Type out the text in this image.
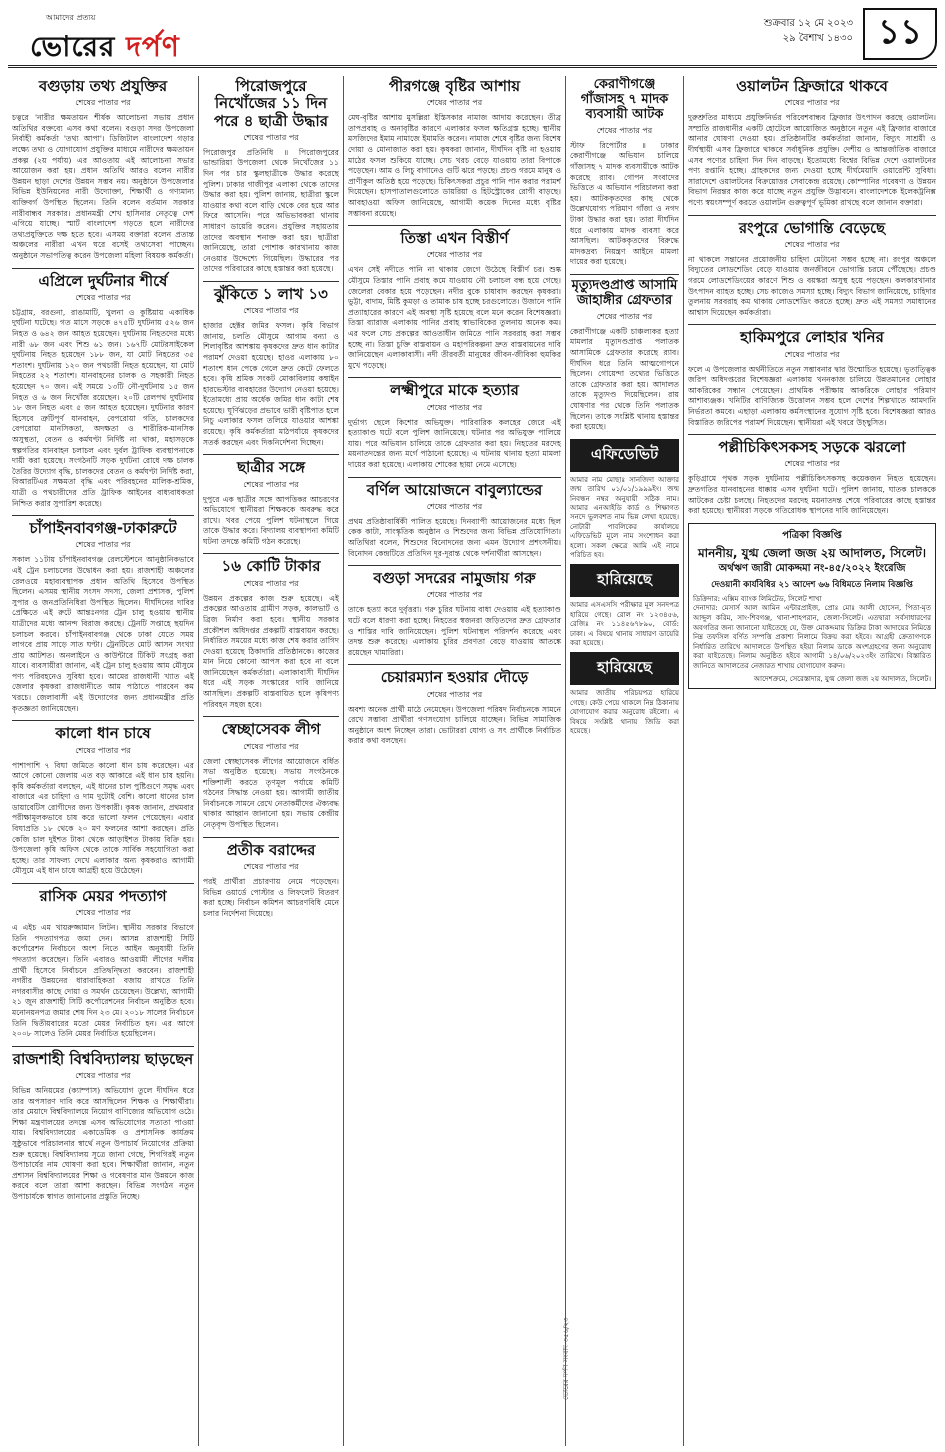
আমাদের প্রত্যয়
ভোরের দর্পণ
শুক্রবার ১২ মে ২০২৩
২৯ বৈশাখ ১৪৩০ ১১
বগুড়ায় তথ্য প্রযুক্তির
শেষের পাতার পর
চত্বরে 'নারীর ক্ষমতায়ন শীর্ষক আলোচনা সভায় প্রধান অতিথির বক্তব্যে এসব কথা বলেন। বগুড়া সদর উপজেলা নির্বাহী কর্মকর্তা 'তথ্য আপা'। ডিজিটাল বাংলাদেশ গড়ার লক্ষ্যে তথ্য ও যোগাযোগ প্রযুক্তির মাধ্যমে নারীদের ক্ষমতায়ন প্রকল্প (২য় পর্যায়) এর আওতায় এই আলোচনা সভার আয়োজন করা হয়। প্রধান অতিথি আরও বলেন নারীর উন্নয়ন ছাড়া দেশের উন্নয়ন সম্ভব নয়। অনুষ্ঠানে উপজেলার বিভিন্ন ইউনিয়নের নারী উদ্যোক্তা, শিক্ষার্থী ও গণ্যমান্য ব্যক্তিবর্গ উপস্থিত ছিলেন। তিনি বলেন বর্তমান সরকার নারীবান্ধব সরকার। প্রধানমন্ত্রী শেখ হাসিনার নেতৃত্বে দেশ এগিয়ে যাচ্ছে। স্মার্ট বাংলাদেশ গড়তে হলে নারীদের তথ্যপ্রযুক্তিতে দক্ষ হতে হবে। এসময় বক্তারা বলেন প্রত্যন্ত অঞ্চলের নারীরা এখন ঘরে বসেই তথ্যসেবা পাচ্ছেন। অনুষ্ঠানে সভাপতিত্ব করেন উপজেলা মহিলা বিষয়ক কর্মকর্তা।
এপ্রিলে দুর্ঘটনার শীর্ষে
শেষের পাতার পর
চট্টগ্রাম, বরগুনা, রাঙামাটি, খুলনা ও কুষ্টিয়ায় একাধিক দুর্ঘটনা ঘটেছে। গত মাসে সড়কে ৪৭৫টি দুর্ঘটনায় ৫২৬ জন নিহত ও ৬৪২ জন আহত হয়েছেন। দুর্ঘটনায় নিহতদের মধ্যে নারী ৬৮ জন এবং শিশু ৬১ জন। ১৬৭টি মোটরসাইকেল দুর্ঘটনায় নিহত হয়েছেন ১৮৮ জন, যা মোট নিহতের ৩৫ শতাংশ। দুর্ঘটনায় ১২০ জন পথচারী নিহত হয়েছেন, যা মোট নিহতের ২২ শতাংশ। যানবাহনের চালক ও সহকারী নিহত হয়েছেন ৭০ জন। এই সময়ে ১৩টি নৌ-দুর্ঘটনায় ১৫ জন নিহত ও ৬ জন নিখোঁজ রয়েছেন। ২০টি রেলপথ দুর্ঘটনায় ১৮ জন নিহত এবং ৫ জন আহত হয়েছেন। দুর্ঘটনার কারণ হিসেবে ত্রুটিপূর্ণ যানবাহন, বেপরোয়া গতি, চালকদের বেপরোয়া মানসিকতা, অদক্ষতা ও শারীরিক-মানসিক অসুস্থতা, বেতন ও কর্মঘণ্টা নির্দিষ্ট না থাকা, মহাসড়কে স্বল্পগতির যানবাহন চলাচল এবং দুর্বল ট্রাফিক ব্যবস্থাপনাকে দায়ী করা হয়েছে। সংগঠনটি সড়ক দুর্ঘটনা রোধে দক্ষ চালক তৈরির উদ্যোগ বৃদ্ধি, চালকদের বেতন ও কর্মঘণ্টা নির্দিষ্ট করা, বিআরটিএর সক্ষমতা বৃদ্ধি এবং পরিবহনের মালিক-শ্রমিক, যাত্রী ও পথচারীদের প্রতি ট্রাফিক আইনের বাধ্যবাধকতা নিশ্চিত করার সুপারিশ করেছে।
চাঁপাইনবাবগঞ্জ-ঢাকারুটে
শেষের পাতার পর
সকাল ১১টায় চাঁপাইনবাবগঞ্জ রেলস্টেশনে আনুষ্ঠানিকভাবে এই ট্রেন চলাচলের উদ্বোধন করা হয়। রাজশাহী অঞ্চলের রেলওয়ে মহাব্যবস্থাপক প্রধান অতিথি হিসেবে উপস্থিত ছিলেন। এসময় স্থানীয় সংসদ সদস্য, জেলা প্রশাসক, পুলিশ সুপার ও জনপ্রতিনিধিরা উপস্থিত ছিলেন। দীর্ঘদিনের দাবির প্রেক্ষিতে এই রুটে আন্তঃনগর ট্রেন চালু হওয়ায় স্থানীয় যাত্রীদের মধ্যে আনন্দ বিরাজ করছে। ট্রেনটি সপ্তাহে ছয়দিন চলাচল করবে। চাঁপাইনবাবগঞ্জ থেকে ঢাকা যেতে সময় লাগবে প্রায় সাড়ে সাত ঘণ্টা। ট্রেনটিতে মোট আসন সংখ্যা প্রায় আটশত। অনলাইনে ও কাউন্টারে টিকিট সংগ্রহ করা যাবে। ব্যবসায়ীরা জানান, এই ট্রেন চালু হওয়ায় আম মৌসুমে পণ্য পরিবহনেও সুবিধা হবে। আমের রাজধানী খ্যাত এই জেলার কৃষকরা রাজধানীতে আম পাঠাতে পারবেন কম খরচে। জেলাবাসী এই উদ্যোগের জন্য প্রধানমন্ত্রীর প্রতি কৃতজ্ঞতা জানিয়েছেন।
কালো ধান চাষে
শেষের পাতার পর
পাশাপাশি ৭ বিঘা জমিতে কালো ধান চাষ করেছেন। এর আগে কোনো জেলায় এত বড় আকারে এই ধান চাষ হয়নি। কৃষি কর্মকর্তারা বলছেন, এই ধানের চাল পুষ্টিগুণে সমৃদ্ধ এবং বাজারে এর চাহিদা ও দাম দুটোই বেশি। কালো ধানের চাল ডায়াবেটিস রোগীদের জন্য উপকারী। কৃষক জানান, প্রথমবার পরীক্ষামূলকভাবে চাষ করে ভালো ফলন পেয়েছেন। এবার বিঘাপ্রতি ১৮ থেকে ২০ মণ ফলনের আশা করছেন। প্রতি কেজি চাল দুইশত টাকা থেকে আড়াইশত টাকায় বিক্রি হয়। উপজেলা কৃষি অফিস থেকে তাকে সার্বিক সহযোগিতা করা হচ্ছে। তার সাফল্য দেখে এলাকার অন্য কৃষকরাও আগামী মৌসুমে এই ধান চাষে আগ্রহী হয়ে উঠেছেন।
রাসিক মেয়র পদত্যাগ
শেষের পাতার পর
এ এইচ এম খায়রুজ্জামান লিটন। স্থানীয় সরকার বিভাগে তিনি পদত্যাগপত্র জমা দেন। আসন্ন রাজশাহী সিটি কর্পোরেশন নির্বাচনে অংশ নিতে আইন অনুযায়ী তিনি পদত্যাগ করেছেন। তিনি এবারও আওয়ামী লীগের দলীয় প্রার্থী হিসেবে নির্বাচনে প্রতিদ্বন্দ্বিতা করবেন। রাজশাহী নগরীর উন্নয়নের ধারাবাহিকতা বজায় রাখতে তিনি নগরবাসীর কাছে দোয়া ও সমর্থন চেয়েছেন। উল্লেখ্য, আগামী ২১ জুন রাজশাহী সিটি কর্পোরেশনের নির্বাচন অনুষ্ঠিত হবে। মনোনয়নপত্র জমার শেষ দিন ২৩ মে। ২০১৮ সালের নির্বাচনে তিনি দ্বিতীয়বারের মতো মেয়র নির্বাচিত হন। এর আগে ২০০৮ সালেও তিনি মেয়র নির্বাচিত হয়েছিলেন।
রাজশাহী বিশ্ববিদ্যালয় ছাড়ছেন
শেষের পাতার পর
বিভিন্ন অনিয়মের (ক্যাম্পাস) অভিযোগ তুলে দীর্ঘদিন ধরে তার অপসারণ দাবি করে আসছিলেন শিক্ষক ও শিক্ষার্থীরা। তার মেয়াদে বিশ্ববিদ্যালয়ে নিয়োগ বাণিজ্যের অভিযোগ ওঠে। শিক্ষা মন্ত্রণালয়ের তদন্তে এসব অভিযোগের সত্যতা পাওয়া যায়। বিশ্ববিদ্যালয়ের একাডেমিক ও প্রশাসনিক কার্যক্রম সুষ্ঠুভাবে পরিচালনার স্বার্থে নতুন উপাচার্য নিয়োগের প্রক্রিয়া শুরু হয়েছে। বিশ্ববিদ্যালয় সূত্রে জানা গেছে, শিগগিরই নতুন উপাচার্যের নাম ঘোষণা করা হবে। শিক্ষার্থীরা জানান, নতুন প্রশাসন বিশ্ববিদ্যালয়ের শিক্ষা ও গবেষণার মান উন্নয়নে কাজ করবে বলে তারা আশা করছেন। বিভিন্ন সংগঠন নতুন উপাচার্যকে স্বাগত জানানোর প্রস্তুতি নিচ্ছে।
পিরোজপুরে নিখোঁজের ১১ দিন পরে ৪ ছাত্রী উদ্ধার
শেষের পাতার পর
পিরোজপুর প্রতিনিধি ॥ পিরোজপুরের ভান্ডারিয়া উপজেলা থেকে নিখোঁজের ১১ দিন পর চার স্কুলছাত্রীকে উদ্ধার করেছে পুলিশ। ঢাকার গাজীপুর এলাকা থেকে তাদের উদ্ধার করা হয়। পুলিশ জানায়, ছাত্রীরা স্কুলে যাওয়ার কথা বলে বাড়ি থেকে বের হয়ে আর ফিরে আসেনি। পরে অভিভাবকরা থানায় সাধারণ ডায়েরি করেন। প্রযুক্তির সহায়তায় তাদের অবস্থান শনাক্ত করা হয়। ছাত্রীরা জানিয়েছে, তারা পোশাক কারখানায় কাজ নেওয়ার উদ্দেশ্যে গিয়েছিল। উদ্ধারের পর তাদের পরিবারের কাছে হস্তান্তর করা হয়েছে।
ঝুঁকিতে ১ লাখ ১৩
শেষের পাতার পর
হাজার হেক্টর জমির ফসল। কৃষি বিভাগ জানায়, চলতি মৌসুমে আগাম বন্যা ও শিলাবৃষ্টির আশঙ্কায় কৃষকদের দ্রুত ধান কাটার পরামর্শ দেওয়া হয়েছে। হাওর এলাকায় ৮০ শতাংশ ধান পেকে গেলে দ্রুত কেটে ফেলতে হবে। কৃষি শ্রমিক সংকট মোকাবিলায় কম্বাইন হারভেস্টার ব্যবহারের উদ্যোগ নেওয়া হয়েছে। ইতোমধ্যে প্রায় অর্ধেক জমির ধান কাটা শেষ হয়েছে। ঘূর্ণিঝড়ের প্রভাবে ভারী বৃষ্টিপাত হলে নিচু এলাকার ফসল তলিয়ে যাওয়ার আশঙ্কা রয়েছে। কৃষি কর্মকর্তারা মাঠপর্যায়ে কৃষকদের সতর্ক করছেন এবং দিকনির্দেশনা দিচ্ছেন।
ছাত্রীর সঙ্গে
শেষের পাতার পর
দুপুরে এক ছাত্রীর সঙ্গে আপত্তিকর আচরণের অভিযোগে স্থানীয়রা শিক্ষককে অবরুদ্ধ করে রাখে। খবর পেয়ে পুলিশ ঘটনাস্থলে গিয়ে তাকে উদ্ধার করে। বিদ্যালয় ব্যবস্থাপনা কমিটি ঘটনা তদন্তে কমিটি গঠন করেছে।
১৬ কোটি টাকার
শেষের পাতার পর
উন্নয়ন প্রকল্পের কাজ শুরু হয়েছে। এই প্রকল্পের আওতায় গ্রামীণ সড়ক, কালভার্ট ও ব্রিজ নির্মাণ করা হবে। স্থানীয় সরকার প্রকৌশল অধিদপ্তর প্রকল্পটি বাস্তবায়ন করছে। নির্ধারিত সময়ের মধ্যে কাজ শেষ করার তাগিদ দেওয়া হয়েছে ঠিকাদারি প্রতিষ্ঠানকে। কাজের মান নিয়ে কোনো আপস করা হবে না বলে জানিয়েছেন কর্মকর্তারা। এলাকাবাসী দীর্ঘদিন ধরে এই সড়ক সংস্কারের দাবি জানিয়ে আসছিল। প্রকল্পটি বাস্তবায়িত হলে কৃষিপণ্য পরিবহন সহজ হবে।
স্বেচ্ছাসেবক লীগ
শেষের পাতার পর
জেলা স্বেচ্ছাসেবক লীগের আয়োজনে বর্ধিত সভা অনুষ্ঠিত হয়েছে। সভায় সংগঠনকে শক্তিশালী করতে তৃণমূল পর্যায়ে কমিটি গঠনের সিদ্ধান্ত নেওয়া হয়। আগামী জাতীয় নির্বাচনকে সামনে রেখে নেতাকর্মীদের ঐক্যবদ্ধ থাকার আহ্বান জানানো হয়। সভায় কেন্দ্রীয় নেতৃবৃন্দ উপস্থিত ছিলেন।
প্রতীক বরাদ্দের
শেষের পাতার পর
পরই প্রার্থীরা প্রচারণায় নেমে পড়েছেন। বিভিন্ন ওয়ার্ডে পোস্টার ও লিফলেট বিতরণ করা হচ্ছে। নির্বাচন কমিশন আচরণবিধি মেনে চলার নির্দেশনা দিয়েছে।
পীরগঞ্জে বৃষ্টির আশায়
শেষের পাতার পর
মেঘ-বৃষ্টির আশায় মুসল্লিরা ইস্তিসকার নামাজ আদায় করেছেন। তীব্র তাপপ্রবাহ ও অনাবৃষ্টির কারণে এলাকার ফসল ক্ষতিগ্রস্ত হচ্ছে। স্থানীয় মসজিদের ইমাম নামাজে ইমামতি করেন। নামাজ শেষে বৃষ্টির জন্য বিশেষ দোয়া ও মোনাজাত করা হয়। কৃষকরা জানান, দীর্ঘদিন বৃষ্টি না হওয়ায় মাঠের ফসল শুকিয়ে যাচ্ছে। সেচ খরচ বেড়ে যাওয়ায় তারা বিপাকে পড়েছেন। আম ও লিচু বাগানেও গুটি ঝরে পড়ছে। প্রচণ্ড গরমে মানুষ ও প্রাণীকুল অতিষ্ঠ হয়ে পড়েছে। চিকিৎসকরা প্রচুর পানি পান করার পরামর্শ দিয়েছেন। হাসপাতালগুলোতে ডায়রিয়া ও হিটস্ট্রোকের রোগী বাড়ছে। আবহাওয়া অফিস জানিয়েছে, আগামী কয়েক দিনের মধ্যে বৃষ্টির সম্ভাবনা রয়েছে।
তিস্তা এখন বিস্তীর্ণ
শেষের পাতার পর
এখন সেই নদীতে পানি না থাকায় জেগে উঠেছে বিস্তীর্ণ চর। শুষ্ক মৌসুমে তিস্তার পানি প্রবাহ কমে যাওয়ায় নৌ চলাচল বন্ধ হয়ে গেছে। জেলেরা বেকার হয়ে পড়েছেন। নদীর বুকে চাষাবাদ করছেন কৃষকরা। ভুট্টা, বাদাম, মিষ্টি কুমড়া ও তামাক চাষ হচ্ছে চরগুলোতে। উজানে পানি প্রত্যাহারের কারণে এই অবস্থা সৃষ্টি হয়েছে বলে মনে করেন বিশেষজ্ঞরা। তিস্তা ব্যারাজ এলাকায় পানির প্রবাহ স্বাভাবিকের তুলনায় অনেক কম। এর ফলে সেচ প্রকল্পের আওতাধীন জমিতে পানি সরবরাহ করা সম্ভব হচ্ছে না। তিস্তা চুক্তি বাস্তবায়ন ও মহাপরিকল্পনা দ্রুত বাস্তবায়নের দাবি জানিয়েছেন এলাকাবাসী। নদী তীরবর্তী মানুষের জীবন-জীবিকা হুমকির মুখে পড়েছে।
লক্ষ্মীপুরে মাকে হত্যার
শেষের পাতার পর
দুর্ভাগ্য ছেলে কিশোর অভিযুক্ত। পারিবারিক কলহের জেরে এই হত্যাকাণ্ড ঘটে বলে পুলিশ জানিয়েছে। ঘটনার পর অভিযুক্ত পালিয়ে যায়। পরে অভিযান চালিয়ে তাকে গ্রেফতার করা হয়। নিহতের মরদেহ ময়নাতদন্তের জন্য মর্গে পাঠানো হয়েছে। এ ঘটনায় থানায় হত্যা মামলা দায়ের করা হয়েছে। এলাকায় শোকের ছায়া নেমে এসেছে।
বর্ণিল আয়োজনে বাবুল্যান্ডের
শেষের পাতার পর
প্রথম প্রতিষ্ঠাবার্ষিকী পালিত হয়েছে। দিনব্যাপী আয়োজনের মধ্যে ছিল কেক কাটা, সাংস্কৃতিক অনুষ্ঠান ও শিশুদের জন্য বিভিন্ন প্রতিযোগিতা। অতিথিরা বলেন, শিশুদের বিনোদনের জন্য এমন উদ্যোগ প্রশংসনীয়। বিনোদন কেন্দ্রটিতে প্রতিদিন দূর-দূরান্ত থেকে দর্শনার্থীরা আসছেন।
বগুড়া সদরের নামুজায় গরু
শেষের পাতার পর
তাকে হত্যা করে দুর্বৃত্তরা। গরু চুরির ঘটনায় বাধা দেওয়ায় এই হত্যাকাণ্ড ঘটে বলে ধারণা করা হচ্ছে। নিহতের স্বজনরা জড়িতদের দ্রুত গ্রেফতার ও শাস্তির দাবি জানিয়েছেন। পুলিশ ঘটনাস্থল পরিদর্শন করেছে এবং তদন্ত শুরু করেছে। এলাকায় চুরির প্রবণতা বেড়ে যাওয়ায় আতঙ্কে রয়েছেন খামারিরা।
চেয়ারম্যান হওয়ার দৌড়ে
শেষের পাতার পর
অবশ্য অনেক প্রার্থী মাঠে নেমেছেন। উপজেলা পরিষদ নির্বাচনকে সামনে রেখে সম্ভাব্য প্রার্থীরা গণসংযোগ চালিয়ে যাচ্ছেন। বিভিন্ন সামাজিক অনুষ্ঠানে অংশ নিচ্ছেন তারা। ভোটাররা যোগ্য ও সৎ প্রার্থীকে নির্বাচিত করার কথা বলছেন।
কেরাণীগঞ্জে গাঁজাসহ ৭ মাদক ব্যবসায়ী আটক
শেষের পাতার পর
স্টাফ রিপোর্টার ॥ ঢাকার কেরাণীগঞ্জে অভিযান চালিয়ে গাঁজাসহ ৭ মাদক ব্যবসায়ীকে আটক করেছে র‍্যাব। গোপন সংবাদের ভিত্তিতে এ অভিযান পরিচালনা করা হয়। আটককৃতদের কাছ থেকে উল্লেখযোগ্য পরিমাণ গাঁজা ও নগদ টাকা উদ্ধার করা হয়। তারা দীর্ঘদিন ধরে এলাকায় মাদক ব্যবসা করে আসছিল। আটককৃতদের বিরুদ্ধে মাদকদ্রব্য নিয়ন্ত্রণ আইনে মামলা দায়ের করা হয়েছে।
মৃত্যুদণ্ডপ্রাপ্ত আসামি জাহাঙ্গীর গ্রেফতার
শেষের পাতার পর
কেরাণীগঞ্জে একটি চাঞ্চল্যকর হত্যা মামলার মৃত্যুদণ্ডপ্রাপ্ত পলাতক আসামিকে গ্রেফতার করেছে র‍্যাব। দীর্ঘদিন ধরে তিনি আত্মগোপনে ছিলেন। গোয়েন্দা তথ্যের ভিত্তিতে তাকে গ্রেফতার করা হয়। আদালত তাকে মৃত্যুদণ্ড দিয়েছিলেন। রায় ঘোষণার পর থেকে তিনি পলাতক ছিলেন। তাকে সংশ্লিষ্ট থানায় হস্তান্তর করা হয়েছে।
এফিডেভিট
আমার নাম মোছাঃ সানজিদা আক্তার জন্ম তারিখ ০১/০১/১৯৯৯ইং। জন্ম নিবন্ধন নম্বর অনুযায়ী সঠিক নাম। আমার এনআইডি কার্ড ও শিক্ষাগত সনদে ভুলবশত নাম ভিন্ন লেখা হয়েছে। নোটারী পাবলিকের কার্যালয়ে এফিডেভিট মূলে নাম সংশোধন করা হলো। সকল ক্ষেত্রে আমি এই নামে পরিচিত হব।
হারিয়েছে
আমার এসএসসি পরীক্ষার মূল সনদপত্র হারিয়ে গেছে। রোল নং ১২৩৪৫৬, রেজিঃ নং ১১৪৫৬৭৮৯০, বোর্ড: ঢাকা। এ বিষয়ে থানায় সাধারণ ডায়েরি করা হয়েছে।
হারিয়েছে
আমার জাতীয় পরিচয়পত্র হারিয়ে গেছে। কেউ পেয়ে থাকলে নিম্ন ঠিকানায় যোগাযোগ করার অনুরোধ রইলো। এ বিষয়ে সংশ্লিষ্ট থানায় জিডি করা হয়েছে।
ওয়ালটন ফ্রিজারে থাকবে
শেষের পাতার পর
দুরুশ্রুতির মাধ্যমে প্রযুক্তিনির্ভর পরিবেশবান্ধব ফ্রিজার উৎপাদন করছে ওয়ালটন। সম্প্রতি রাজধানীর একটি হোটেলে আয়োজিত অনুষ্ঠানে নতুন এই ফ্রিজার বাজারে আনার ঘোষণা দেওয়া হয়। প্রতিষ্ঠানটির কর্মকর্তারা জানান, বিদ্যুৎ সাশ্রয়ী ও দীর্ঘস্থায়ী এসব ফ্রিজারে থাকবে সর্বাধুনিক প্রযুক্তি। দেশীয় ও আন্তর্জাতিক বাজারে এসব পণ্যের চাহিদা দিন দিন বাড়ছে। ইতোমধ্যে বিশ্বের বিভিন্ন দেশে ওয়ালটনের পণ্য রপ্তানি হচ্ছে। গ্রাহকদের জন্য দেওয়া হচ্ছে দীর্ঘমেয়াদি ওয়ারেন্টি সুবিধা। সারাদেশে ওয়ালটনের বিক্রয়োত্তর সেবাকেন্দ্র রয়েছে। কোম্পানির গবেষণা ও উন্নয়ন বিভাগ নিরন্তর কাজ করে যাচ্ছে নতুন প্রযুক্তি উদ্ভাবনে। বাংলাদেশকে ইলেকট্রনিক্স পণ্যে স্বয়ংসম্পূর্ণ করতে ওয়ালটন গুরুত্বপূর্ণ ভূমিকা রাখছে বলে জানান বক্তারা।
রংপুরে ভোগান্তি বেড়েছে
শেষের পাতার পর
না থাকলে সন্তানের প্রয়োজনীয় চাহিদা মেটানো সম্ভব হচ্ছে না। রংপুর অঞ্চলে বিদ্যুতের লোডশেডিং বেড়ে যাওয়ায় জনজীবনে ভোগান্তি চরমে পৌঁছেছে। প্রচণ্ড গরমে লোডশেডিংয়ের কারণে শিশু ও বয়স্করা অসুস্থ হয়ে পড়ছেন। কলকারখানার উৎপাদন ব্যাহত হচ্ছে। সেচ কাজেও সমস্যা হচ্ছে। বিদ্যুৎ বিভাগ জানিয়েছে, চাহিদার তুলনায় সরবরাহ কম থাকায় লোডশেডিং করতে হচ্ছে। দ্রুত এই সমস্যা সমাধানের আশ্বাস দিয়েছেন কর্মকর্তারা।
হাকিমপুরে লোহার খনির
শেষের পাতার পর
ফলে এ উপজেলার অর্থনীতিতে নতুন সম্ভাবনার দ্বার উন্মোচিত হয়েছে। ভূতাত্ত্বিক জরিপ অধিদপ্তরের বিশেষজ্ঞরা এলাকায় খননকাজ চালিয়ে উন্নতমানের লোহার আকরিকের সন্ধান পেয়েছেন। প্রাথমিক পরীক্ষায় আকরিকে লোহার পরিমাণ আশাব্যঞ্জক। খনিটির বাণিজ্যিক উত্তোলন সম্ভব হলে দেশের শিল্পখাতে আমদানি নির্ভরতা কমবে। এছাড়া এলাকায় কর্মসংস্থানের সুযোগ সৃষ্টি হবে। বিশেষজ্ঞরা আরও বিস্তারিত জরিপের পরামর্শ দিয়েছেন। স্থানীয়রা এই খবরে উচ্ছ্বসিত।
পল্লীচিকিৎসকসহ সড়কে ঝরলো
শেষের পাতার পর
কুড়িগ্রামে পৃথক সড়ক দুর্ঘটনায় পল্লীচিকিৎসকসহ কয়েকজন নিহত হয়েছেন। দ্রুতগতির যানবাহনের ধাক্কায় এসব দুর্ঘটনা ঘটে। পুলিশ জানায়, ঘাতক চালককে আটকের চেষ্টা চলছে। নিহতদের মরদেহ ময়নাতদন্ত শেষে পরিবারের কাছে হস্তান্তর করা হয়েছে। স্থানীয়রা সড়কে গতিরোধক স্থাপনের দাবি জানিয়েছেন।
পত্রিকা বিজ্ঞপ্তি
মাননীয়, যুগ্ম জেলা জজ ২য় আদালত, সিলেট।
অর্থঋণ জারী মোকদ্দমা নং-৪৫/২০২২ ইংরেজি
দেওয়ানী কার্যবিধির ২১ আদেশ ৬৬ বিধিমতে নিলাম বিজ্ঞপ্তি
ডিক্রিদার: এক্সিম ব্যাংক লিমিটেড, সিলেট শাখা
দেনাদার: মেসার্স আল আমিন এন্টারপ্রাইজ, প্রোঃ মোঃ আলী হোসেন, পিতা-মৃত আব্দুল করিম, সাং-শিবগঞ্জ, থানা-শাহপরান, জেলা-সিলেট। এতদ্বারা সর্বসাধারণের অবগতির জন্য জানানো যাইতেছে যে, উক্ত মোকদ্দমায় ডিক্রির টাকা আদায়ের নিমিত্তে নিম্ন তফসিল বর্ণিত সম্পত্তি প্রকাশ্য নিলামে বিক্রয় করা হইবে। আগ্রহী ক্রেতাগণকে নির্ধারিত তারিখে আদালতে উপস্থিত হইয়া নিলাম ডাকে অংশগ্রহণের জন্য অনুরোধ করা যাইতেছে। নিলাম অনুষ্ঠিত হইবে আগামী ১৪/০৬/২০২৩ইং তারিখে। বিস্তারিত জানিতে আদালতের নেজারত শাখায় যোগাযোগ করুন।
আদেশক্রমে, সেরেস্তাদার, যুগ্ম জেলা জজ ২য় আদালত, সিলেট।
ভোরের দর্পণ সংবাদ-৩৫৬/২৩
